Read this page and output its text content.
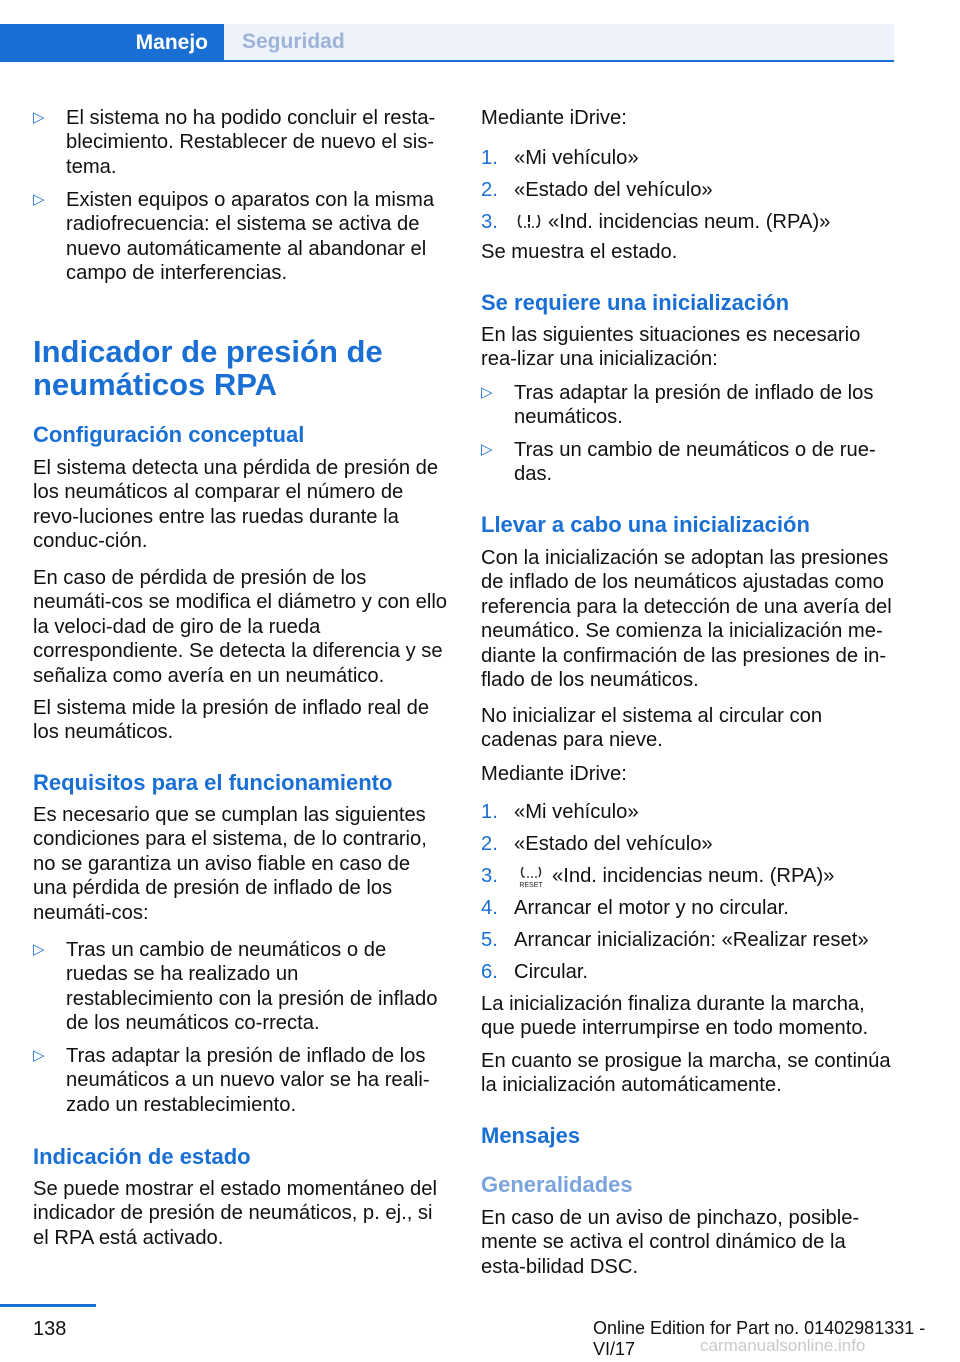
Manejo	Seguridad
▷ El sistema no ha podido concluir el resta-blecimiento. Restablecer de nuevo el sis-tema.
▷ Existen equipos o aparatos con la misma radiofrecuencia: el sistema se activa de nuevo automáticamente al abandonar el campo de interferencias.
Indicador de presión de neumáticos RPA
Configuración conceptual

El sistema detecta una pérdida de presión de los neumáticos al comparar el número de revo-luciones entre las ruedas durante la conduc-ción.

En caso de pérdida de presión de los neumáti-cos se modifica el diámetro y con ello la veloci-dad de giro de la rueda correspondiente. Se detecta la diferencia y se señaliza como avería en un neumático.

El sistema mide la presión de inflado real de los neumáticos.

Requisitos para el funcionamiento

Es necesario que se cumplan las siguientes condiciones para el sistema, de lo contrario, no se garantiza un aviso fiable en caso de una pérdida de presión de inflado de los neumáti-cos:

▷ Tras un cambio de neumáticos o de ruedas se ha realizado un restablecimiento con la presión de inflado de los neumáticos co-rrecta.
▷ Tras adaptar la presión de inflado de los neumáticos a un nuevo valor se ha reali-zado un restablecimiento.
Indicación de estado

Se puede mostrar el estado momentáneo del indicador de presión de neumáticos, p. ej., si el RPA está activado.

Mediante iDrive:

1. «Mi vehículo»
2. «Estado del vehículo»
3. «Ind. incidencias neum. (RPA)»

Se muestra el estado.

Se requiere una inicialización

En las siguientes situaciones es necesario rea-lizar una inicialización:

▷ Tras adaptar la presión de inflado de los neumáticos.
▷ Tras un cambio de neumáticos o de rue-das.
Llevar a cabo una inicialización

Con la inicialización se adoptan las presiones de inflado de los neumáticos ajustadas como referencia para la detección de una avería del neumático. Se comienza la inicialización me-diante la confirmación de las presiones de in-flado de los neumáticos.

No inicializar el sistema al circular con cadenas para nieve.

Mediante iDrive:

1. «Mi vehículo»
2. «Estado del vehículo»
3.	RESET «Ind. incidencias neum. (RPA)»
4. Arrancar el motor y no circular.
5. Arrancar inicialización: «Realizar reset»
6. Circular.

La inicialización finaliza durante la marcha, que puede interrumpirse en todo momento.

En cuanto se prosigue la marcha, se continúa la inicialización automáticamente.

Mensajes
Generalidades

En caso de un aviso de pinchazo, posible-mente se activa el control dinámico de la esta-bilidad DSC.

138	Online Edition for Part no. 01402981331 - VI/17	carmanualsonline.info
